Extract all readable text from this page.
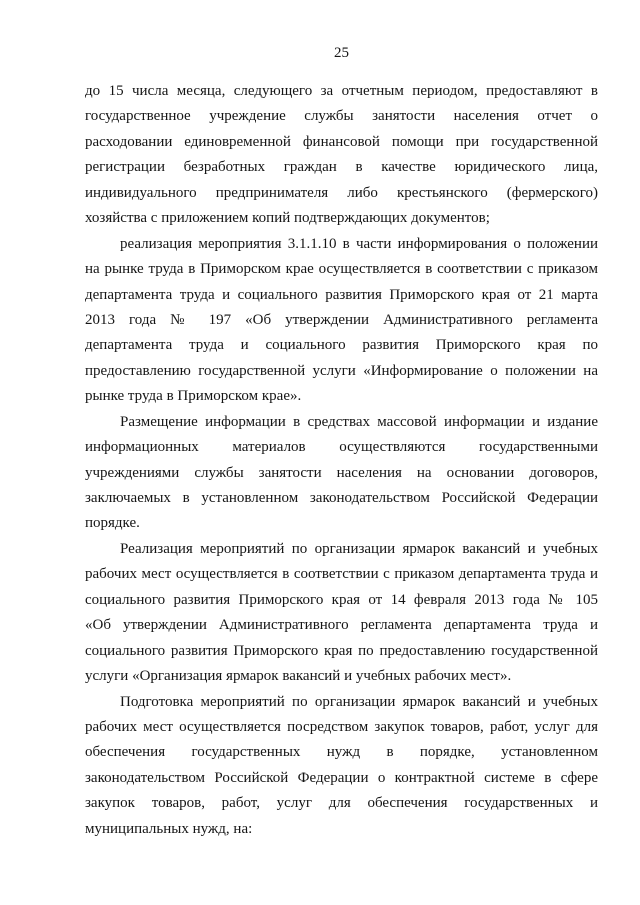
25
до 15 числа месяца, следующего за отчетным периодом, предоставляют в
государственное учреждение службы занятости населения отчет о
расходовании единовременной финансовой помощи при государственной
регистрации безработных граждан в качестве юридического лица,
индивидуального предпринимателя либо крестьянского (фермерского)
хозяйства с приложением копий подтверждающих документов;
реализация мероприятия 3.1.1.10 в части информирования о положении
на рынке труда в Приморском крае осуществляется в соответствии с приказом
департамента труда и социального развития Приморского края от 21 марта
2013 года № 197 «Об утверждении Административного регламента
департамента труда и социального развития Приморского края по
предоставлению государственной услуги «Информирование о положении на
рынке труда в Приморском крае».
Размещение информации в средствах массовой информации и издание
информационных материалов осуществляются государственными
учреждениями службы занятости населения на основании договоров,
заключаемых в установленном законодательством Российской Федерации
порядке.
Реализация мероприятий по организации ярмарок вакансий и учебных
рабочих мест осуществляется в соответствии с приказом департамента труда и
социального развития Приморского края от 14 февраля 2013 года № 105
«Об утверждении Административного регламента департамента труда и
социального развития Приморского края по предоставлению государственной
услуги «Организация ярмарок вакансий и учебных рабочих мест».
Подготовка мероприятий по организации ярмарок вакансий и учебных
рабочих мест осуществляется посредством закупок товаров, работ, услуг для
обеспечения государственных нужд в порядке, установленном
законодательством Российской Федерации о контрактной системе в сфере
закупок товаров, работ, услуг для обеспечения государственных и
муниципальных нужд, на:
